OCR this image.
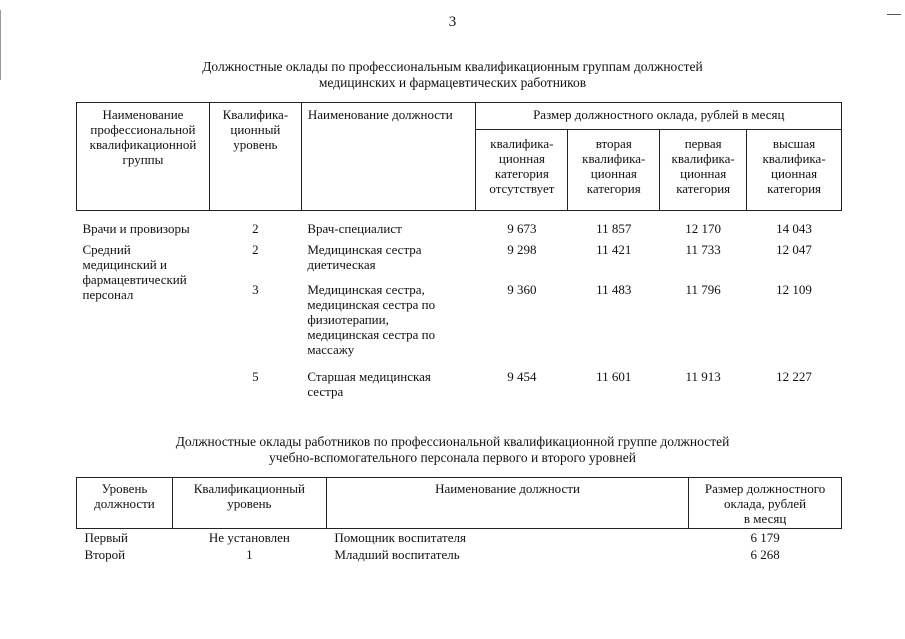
3
Должностные оклады по профессиональным квалификационным группам должностей
медицинских и фармацевтических работников
Наименование
профессиональной
квалификационной
группы	Квалифика-
ционный
уровень	Наименование должности	Размер должностного оклада, рублей в месяц			

			квалифика-
ционная
категория
отсутствует	вторая
квалифика-
ционная
категория	первая
квалифика-
ционная
категория	высшая
квалифика-
ционная
категория

Врачи и провизоры	2	Врач-специалист	9 673	11 857	12 170	14 043

Средний
медицинский и
фармацевтический
персонал	2	Медицинская сестра
диетическая	9 298	11 421	11 733	12 047
	3	Медицинская сестра,
медицинская сестра по
физиотерапии,
медицинская сестра по
массажу	9 360	11 483	11 796	12 109
	5	Старшая медицинская
сестра	9 454	11 601	11 913	12 227
Должностные оклады работников по профессиональной квалификационной группе должностей
учебно-вспомогательного персонала первого и второго уровней
Уровень
должности	Квалификационный
уровень	Наименование должности	Размер должностного
оклада, рублей
в месяц

Первый	Не установлен	Помощник воспитателя	6 179
Второй	1	Младший воспитатель	6 268
